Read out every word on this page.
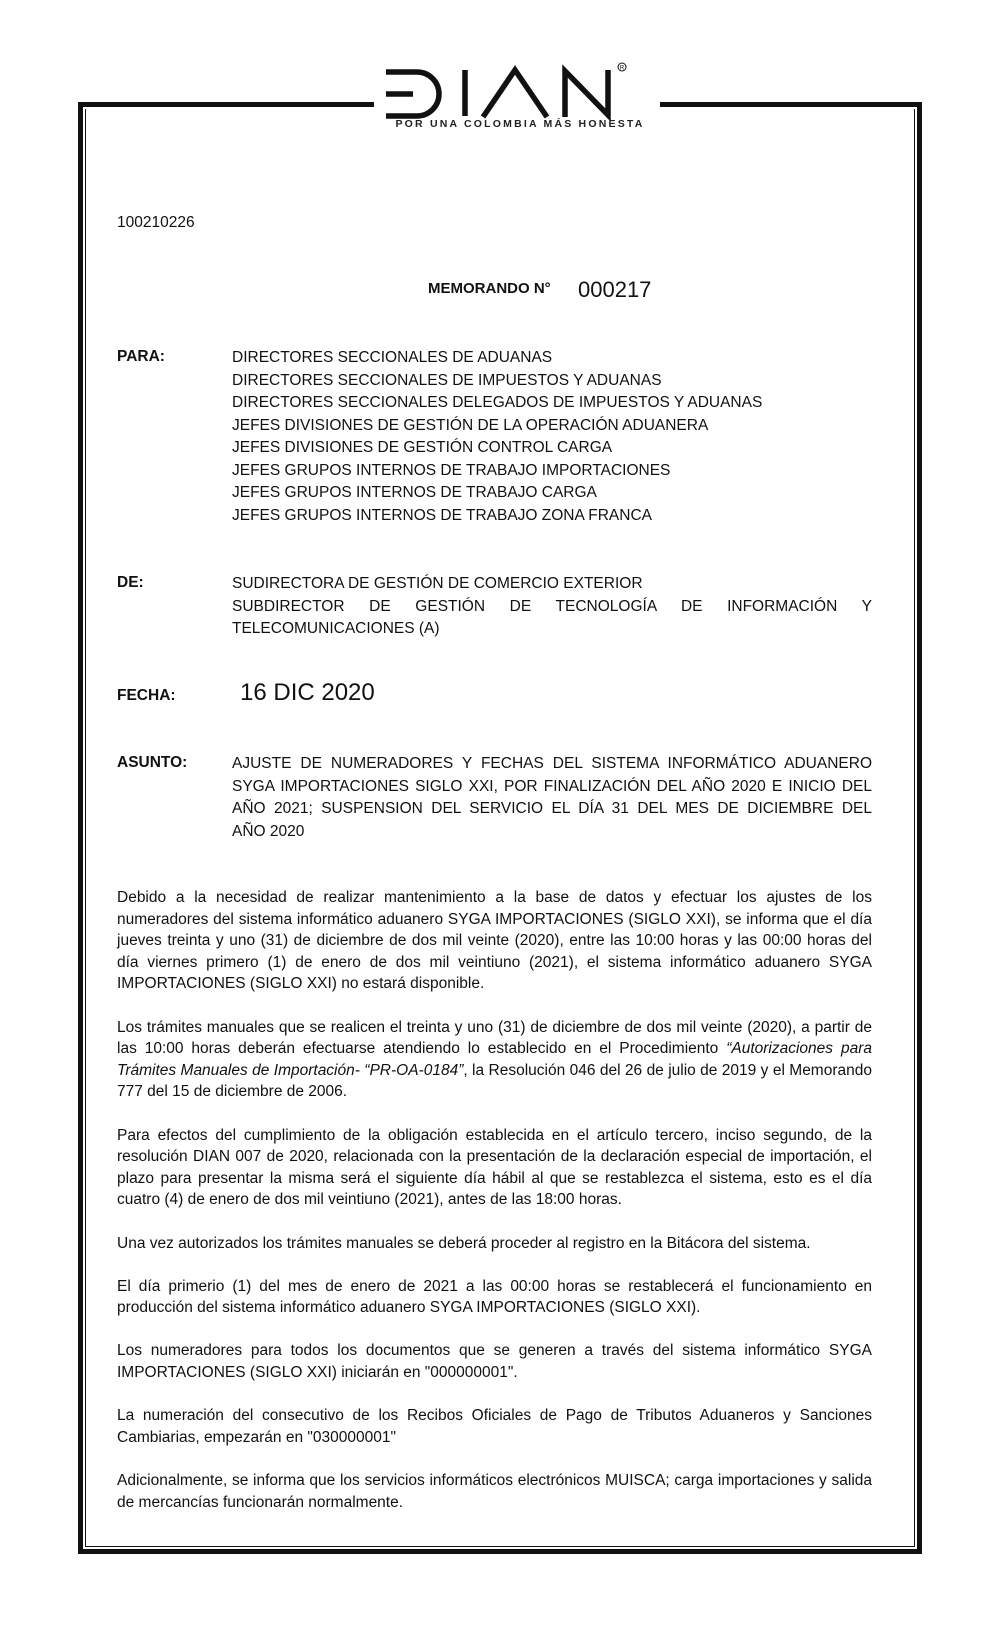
R
POR UNA COLOMBIA MÁS HONESTA
100210226
MEMORANDO N° 000217
PARA:	DIRECTORES SECCIONALES DE ADUANAS
DIRECTORES SECCIONALES DE IMPUESTOS Y ADUANAS
DIRECTORES SECCIONALES DELEGADOS DE IMPUESTOS Y ADUANAS
JEFES DIVISIONES DE GESTIÓN DE LA OPERACIÓN ADUANERA
JEFES DIVISIONES DE GESTIÓN CONTROL CARGA
JEFES GRUPOS INTERNOS DE TRABAJO IMPORTACIONES
JEFES GRUPOS INTERNOS DE TRABAJO CARGA
JEFES GRUPOS INTERNOS DE TRABAJO ZONA FRANCA
DE:	SUDIRECTORA DE GESTIÓN DE COMERCIO EXTERIOR
SUBDIRECTOR DE GESTIÓN DE TECNOLOGÍA DE INFORMACIÓN Y
TELECOMUNICACIONES (A)
FECHA:	16 DIC 2020
ASUNTO:	AJUSTE DE NUMERADORES Y FECHAS DEL SISTEMA INFORMÁTICO ADUANERO
SYGA IMPORTACIONES SIGLO XXI, POR FINALIZACIÓN DEL AÑO 2020 E INICIO DEL
AÑO 2021; SUSPENSION DEL SERVICIO EL DÍA 31 DEL MES DE DICIEMBRE DEL
AÑO 2020

Debido a la necesidad de realizar mantenimiento a la base de datos y efectuar los ajustes de los numeradores del sistema informático aduanero SYGA IMPORTACIONES (SIGLO XXI), se informa que el día jueves treinta y uno (31) de diciembre de dos mil veinte (2020), entre las 10:00 horas y las 00:00 horas del día viernes primero (1) de enero de dos mil veintiuno (2021), el sistema informático aduanero SYGA IMPORTACIONES (SIGLO XXI) no estará disponible.

Los trámites manuales que se realicen el treinta y uno (31) de diciembre de dos mil veinte (2020), a partir de las 10:00 horas deberán efectuarse atendiendo lo establecido en el Procedimiento “Autorizaciones para Trámites Manuales de Importación- “PR-OA-0184”, la Resolución 046 del 26 de julio de 2019 y el Memorando 777 del 15 de diciembre de 2006.

Para efectos del cumplimiento de la obligación establecida en el artículo tercero, inciso segundo, de la resolución DIAN 007 de 2020, relacionada con la presentación de la declaración especial de importación, el plazo para presentar la misma será el siguiente día hábil al que se restablezca el sistema, esto es el día cuatro (4) de enero de dos mil veintiuno (2021), antes de las 18:00 horas.

Una vez autorizados los trámites manuales se deberá proceder al registro en la Bitácora del sistema.

El día primerio (1) del mes de enero de 2021 a las 00:00 horas se restablecerá el funcionamiento en producción del sistema informático aduanero SYGA IMPORTACIONES (SIGLO XXI).

Los numeradores para todos los documentos que se generen a través del sistema informático SYGA IMPORTACIONES (SIGLO XXI) iniciarán en "000000001".

La numeración del consecutivo de los Recibos Oficiales de Pago de Tributos Aduaneros y Sanciones Cambiarias, empezarán en "030000001"

Adicionalmente, se informa que los servicios informáticos electrónicos MUISCA; carga importaciones y salida de mercancías funcionarán normalmente.
